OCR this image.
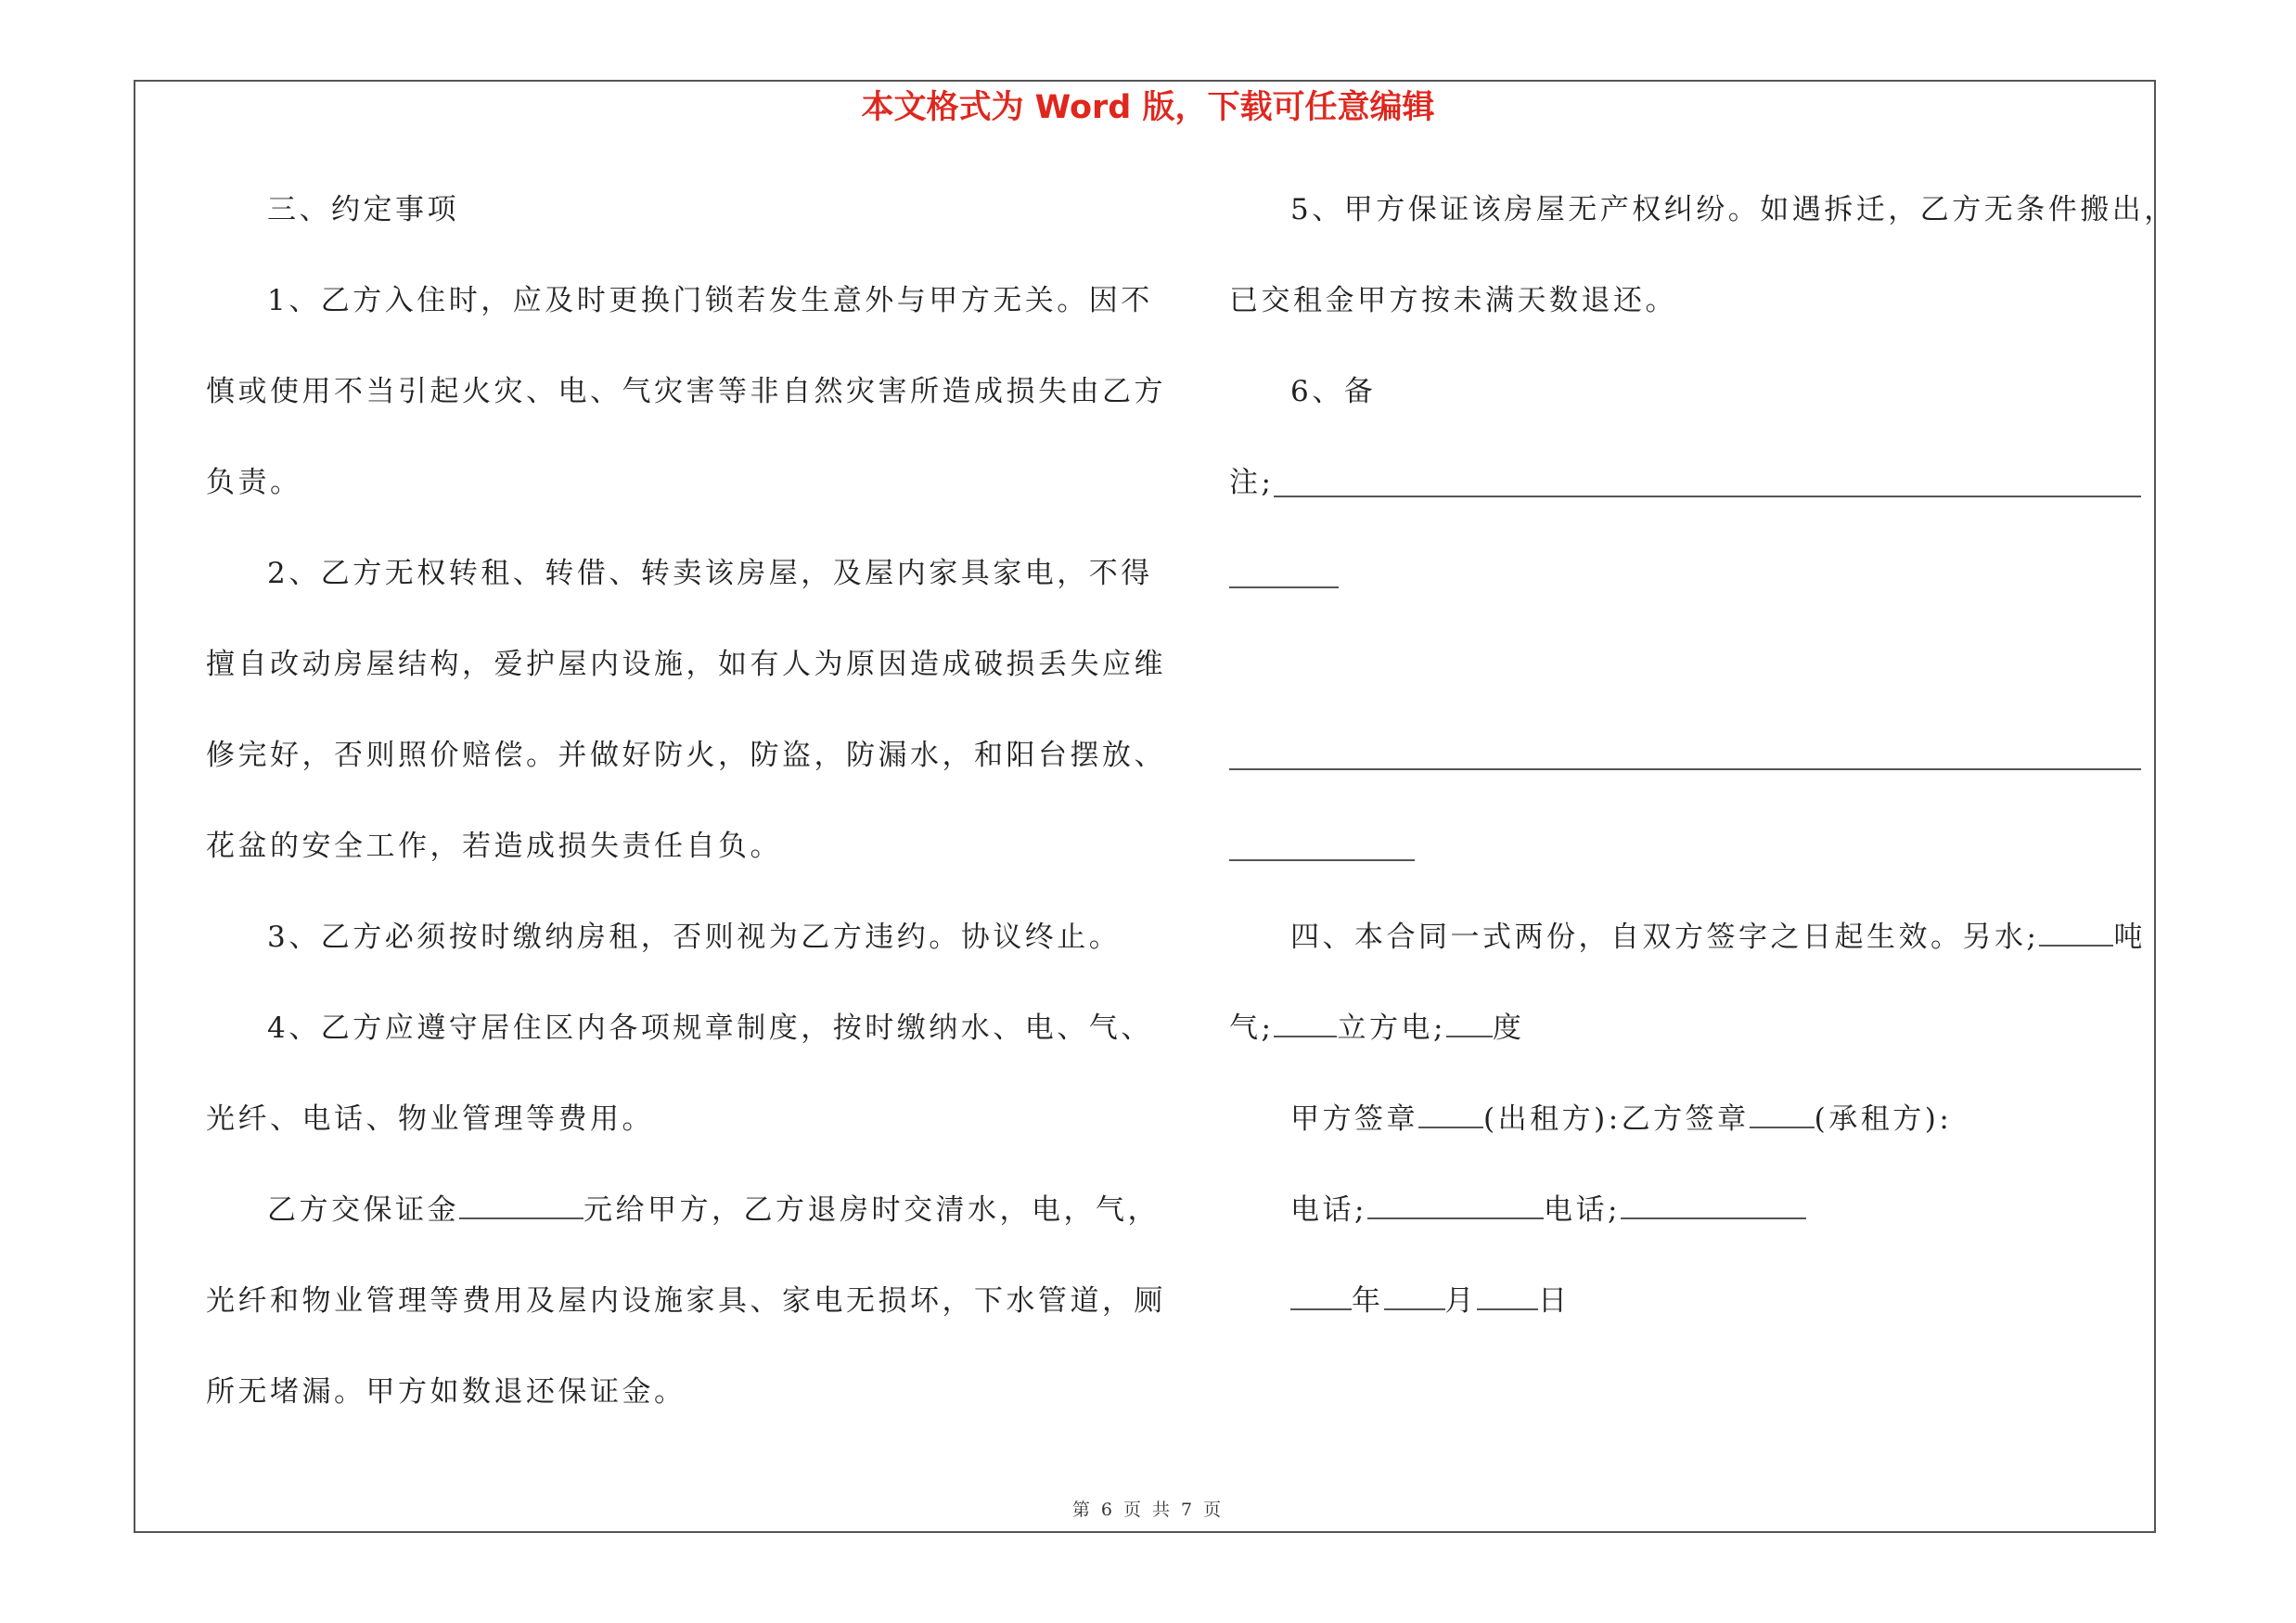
本文格式为 Word 版，下载可任意编辑
三、约定事项
1、乙方入住时，应及时更换门锁若发生意外与甲方无关。因不
慎或使用不当引起火灾、电、气灾害等非自然灾害所造成损失由乙方
负责。
2、乙方无权转租、转借、转卖该房屋，及屋内家具家电，不得
擅自改动房屋结构，爱护屋内设施，如有人为原因造成破损丢失应维
修完好，否则照价赔偿。并做好防火，防盗，防漏水，和阳台摆放、
花盆的安全工作，若造成损失责任自负。
3、乙方必须按时缴纳房租，否则视为乙方违约。协议终止。
4、乙方应遵守居住区内各项规章制度，按时缴纳水、电、气、
光纤、电话、物业管理等费用。
乙方交保证金	元给甲方，乙方退房时交清水，电，气，
光纤和物业管理等费用及屋内设施家具、家电无损坏，下水管道，厕
所无堵漏。甲方如数退还保证金。
5、甲方保证该房屋无产权纠纷。如遇拆迁，乙方无条件搬出，
已交租金甲方按未满天数退还。
6、备
注;
四、本合同一式两份，自双方签字之日起生效。另水;	吨
气; 立方电; 度
甲方签章 (出租方):乙方签章 (承租方):
电话;	电话;
年 月 日
第 6 页 共 7 页
